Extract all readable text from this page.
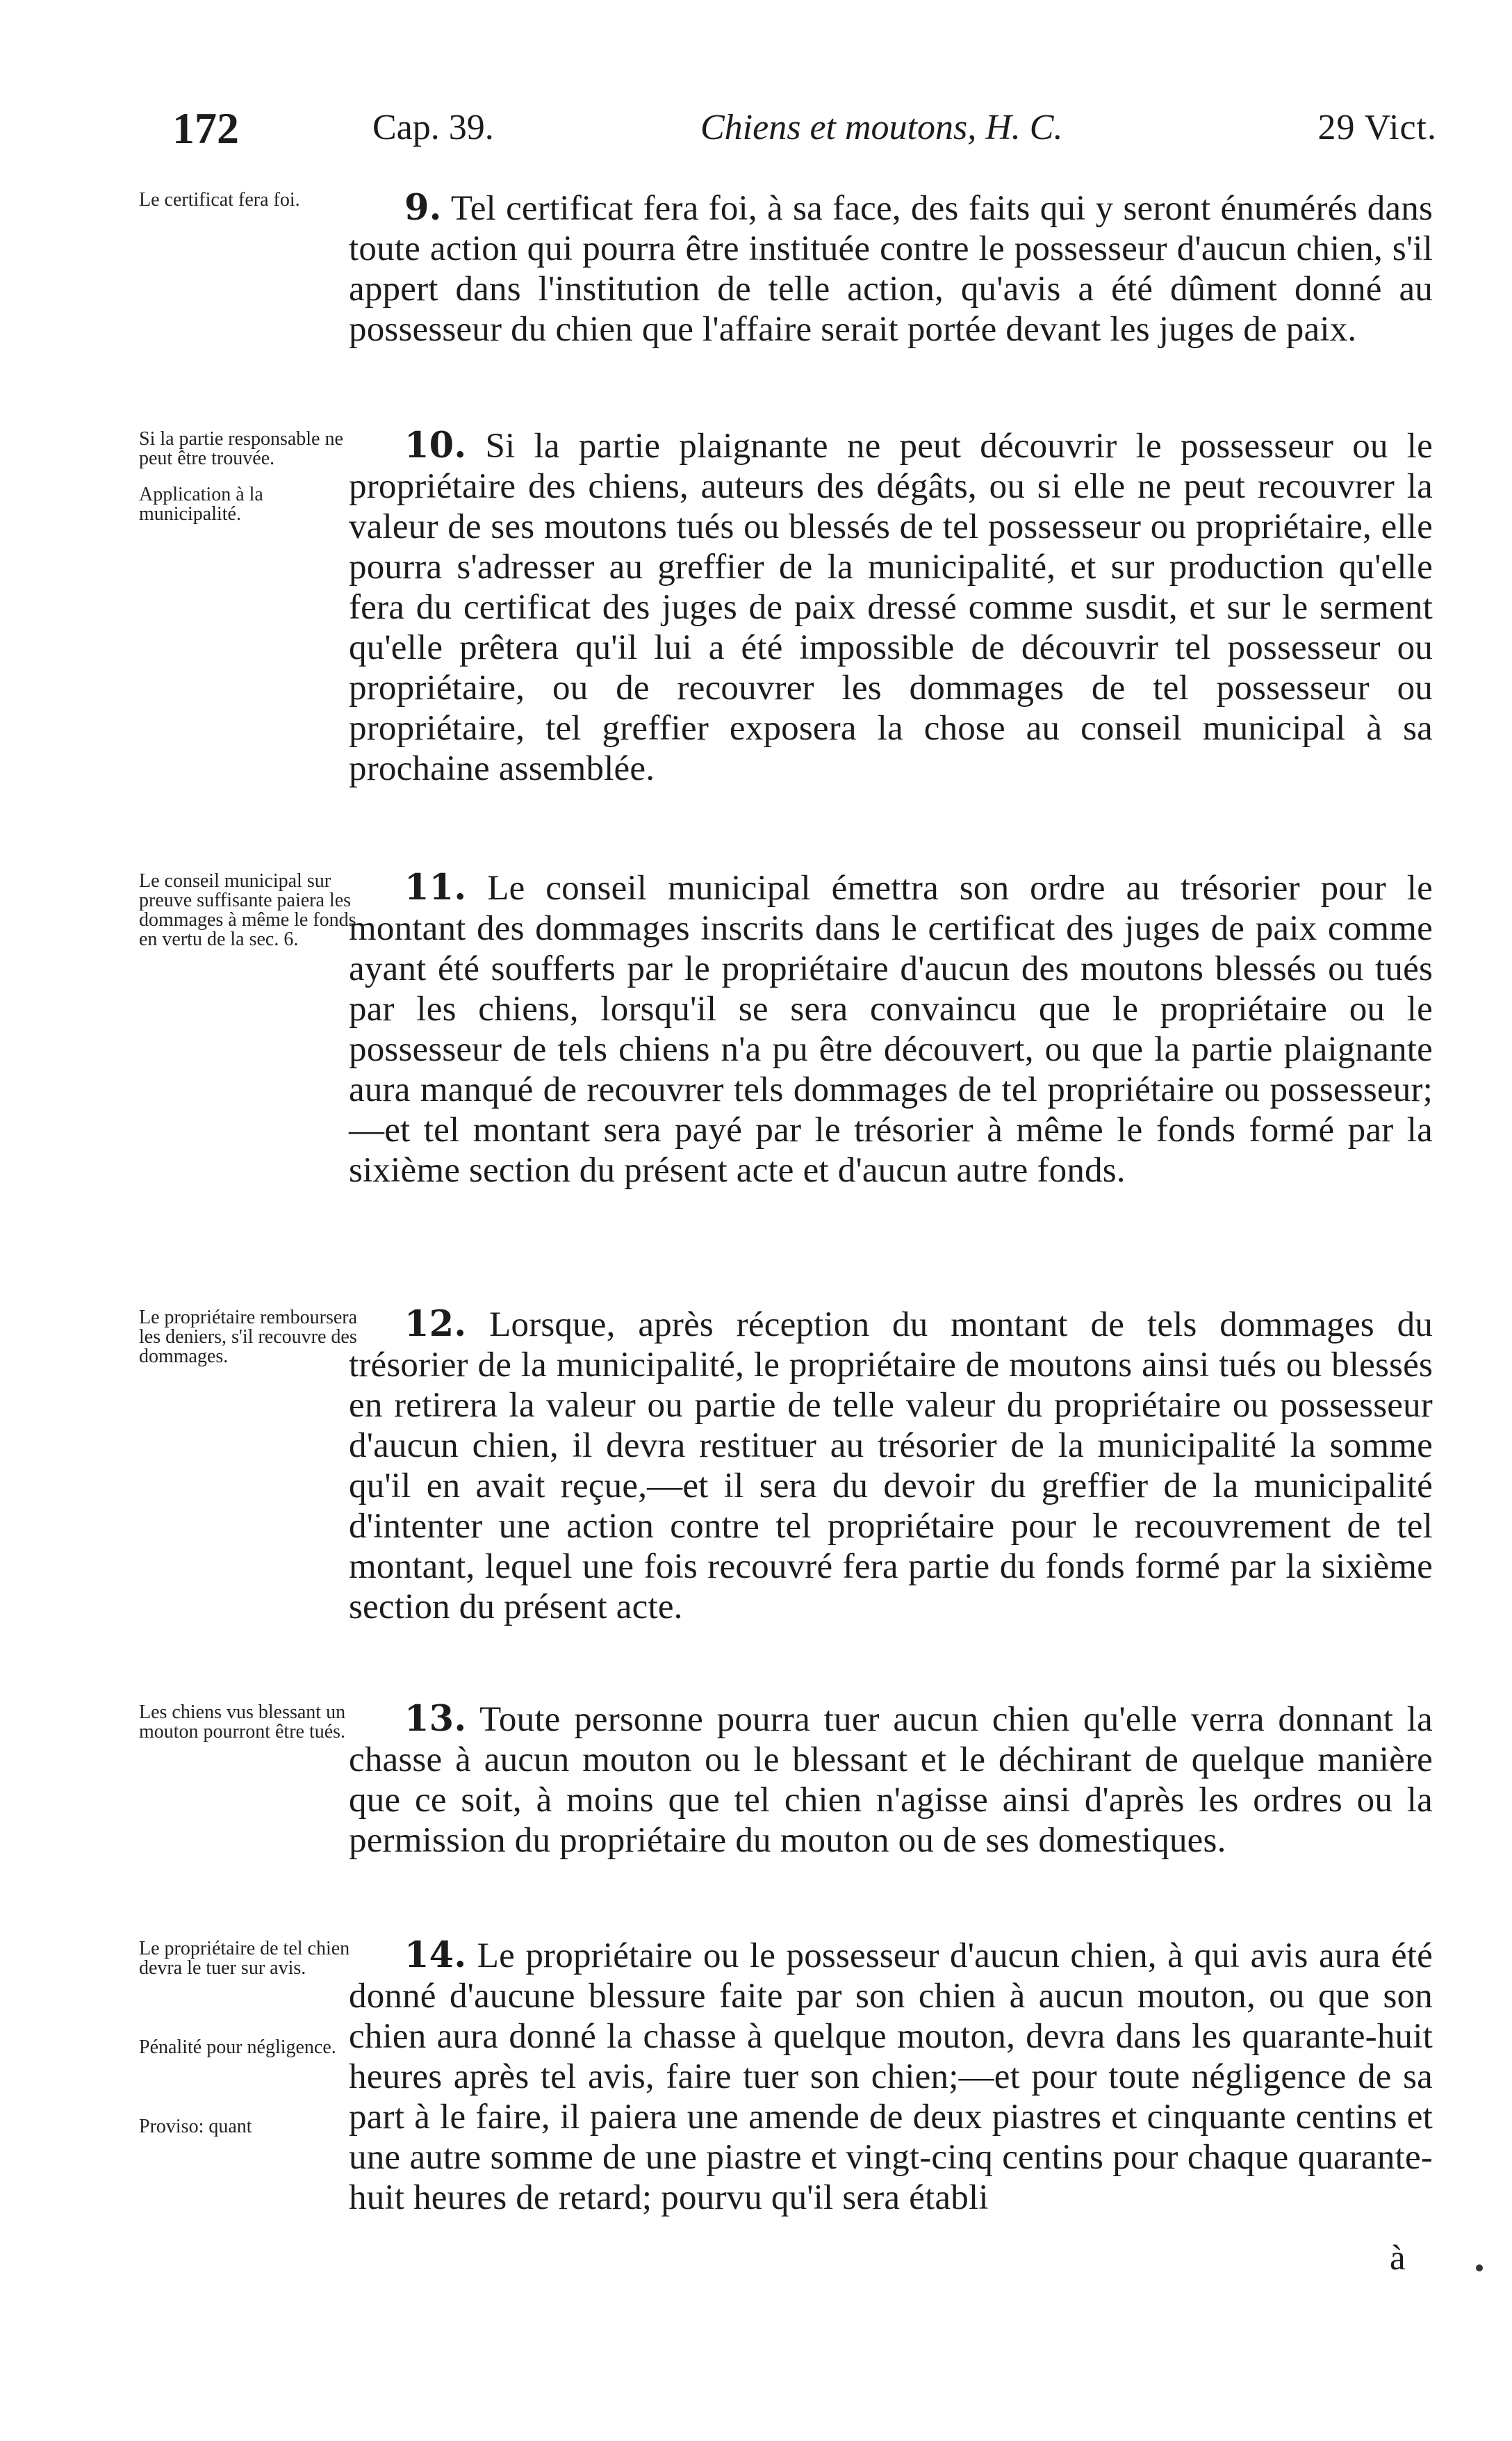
172	Cap. 39.	Chiens et moutons, H. C.	29 Vict.
Le certificat fera foi.	9. Tel certificat fera foi, à sa face, des faits qui y seront énumérés dans toute action qui pourra être instituée contre le possesseur d'aucun chien, s'il appert dans l'institution de telle action, qu'avis a été dûment donné au possesseur du chien que l'affaire serait portée devant les juges de paix.
Si la partie responsable ne peut être trouvée.
Application à la municipalité.
10. Si la partie plaignante ne peut découvrir le possesseur ou le propriétaire des chiens, auteurs des dégâts, ou si elle ne peut recouvrer la valeur de ses moutons tués ou blessés de tel possesseur ou propriétaire, elle pourra s'adresser au greffier de la municipalité, et sur production qu'elle fera du certificat des juges de paix dressé comme susdit, et sur le serment qu'elle prêtera qu'il lui a été impossible de découvrir tel possesseur ou propriétaire, ou de recouvrer les dommages de tel possesseur ou propriétaire, tel greffier exposera la chose au conseil municipal à sa prochaine assemblée.
Le conseil municipal sur preuve suffisante paiera les dommages à même le fonds en vertu de la sec. 6.
11. Le conseil municipal émettra son ordre au trésorier pour le montant des dommages inscrits dans le certificat des juges de paix comme ayant été soufferts par le propriétaire d'aucun des moutons blessés ou tués par les chiens, lorsqu'il se sera convaincu que le propriétaire ou le possesseur de tels chiens n'a pu être découvert, ou que la partie plaignante aura manqué de recouvrer tels dommages de tel propriétaire ou possesseur;—et tel montant sera payé par le trésorier à même le fonds formé par la sixième section du présent acte et d'aucun autre fonds.
Le propriétaire remboursera les deniers, s'il recouvre des dommages.
12. Lorsque, après réception du montant de tels dommages du trésorier de la municipalité, le propriétaire de moutons ainsi tués ou blessés en retirera la valeur ou partie de telle valeur du propriétaire ou possesseur d'aucun chien, il devra restituer au trésorier de la municipalité la somme qu'il en avait reçue,—et il sera du devoir du greffier de la municipalité d'intenter une action contre tel propriétaire pour le recouvrement de tel montant, lequel une fois recouvré fera partie du fonds formé par la sixième section du présent acte.
Les chiens vus blessant un mouton pourront être tués.	13. Toute personne pourra tuer aucun chien qu'elle verra donnant la chasse à aucun mouton ou le blessant et le déchirant de quelque manière que ce soit, à moins que tel chien n'agisse ainsi d'après les ordres ou la permission du propriétaire du mouton ou de ses domestiques.
Le propriétaire de tel chien devra le tuer sur avis.
Pénalité pour négligence.
Proviso: quant
14. Le propriétaire ou le possesseur d'aucun chien, à qui avis aura été donné d'aucune blessure faite par son chien à aucun mouton, ou que son chien aura donné la chasse à quelque mouton, devra dans les quarante-huit heures après tel avis, faire tuer son chien;—et pour toute négligence de sa part à le faire, il paiera une amende de deux piastres et cinquante centins et une autre somme de une piastre et vingt-cinq centins pour chaque quarante-huit heures de retard; pourvu qu'il sera établi
à
